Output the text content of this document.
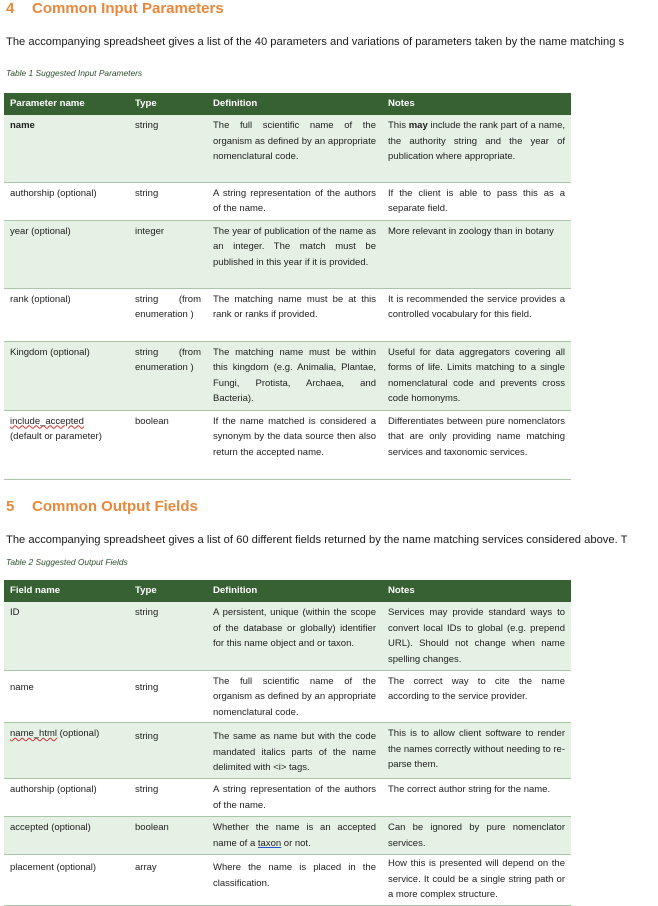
4 Common Input Parameters
The accompanying spreadsheet gives a list of the 40 parameters and variations of parameters taken by the name matching s
Table 1 Suggested Input Parameters
Parameter name	Type	Definition	Notes
name	string	The full scientific name of the organism as defined by an appropriate nomenclatural code.	This may include the rank part of a name, the authority string and the year of publication where appropriate.
authorship (optional)	string	A string representation of the authors of the name.	If the client is able to pass this as a separate field.
year (optional)	integer	The year of publication of the name as an integer. The match must be published in this year if it is provided.	More relevant in zoology than in botany
rank (optional)	string (from enumeration )	The matching name must be at this rank or ranks if provided.	It is recommended the service provides a controlled vocabulary for this field.
Kingdom (optional)	string (from enumeration )	The matching name must be within this kingdom (e.g. Animalia, Plantae, Fungi, Protista, Archaea, and Bacteria).	Useful for data aggregators covering all forms of life. Limits matching to a single nomenclatural code and prevents cross code homonyms.
include_accepted
(default or parameter)	boolean	If the name matched is considered a synonym by the data source then also return the accepted name.	Differentiates between pure nomenclators that are only providing name matching services and taxonomic services.
5 Common Output Fields
The accompanying spreadsheet gives a list of 60 different fields returned by the name matching services considered above. T
Table 2 Suggested Output Fields
Field name	Type	Definition	Notes
ID	string	A persistent, unique (within the scope of the database or globally) identifier for this name object and or taxon.	Services may provide standard ways to convert local IDs to global (e.g. prepend URL). Should not change when name spelling changes.
name	string	The full scientific name of the organism as defined by an appropriate nomenclatural code.	The correct way to cite the name according to the service provider.
name_html (optional)	string	The same as name but with the code mandated italics parts of the name delimited with <i> tags.	This is to allow client software to render the names correctly without needing to re-parse them.
authorship (optional)	string	A string representation of the authors of the name.	The correct author string for the name.
accepted (optional)	boolean	Whether the name is an accepted name of a taxon or not.	Can be ignored by pure nomenclator services.
placement (optional)	array	Where the name is placed in the classification.	How this is presented will depend on the service. It could be a single string path or a more complex structure.
